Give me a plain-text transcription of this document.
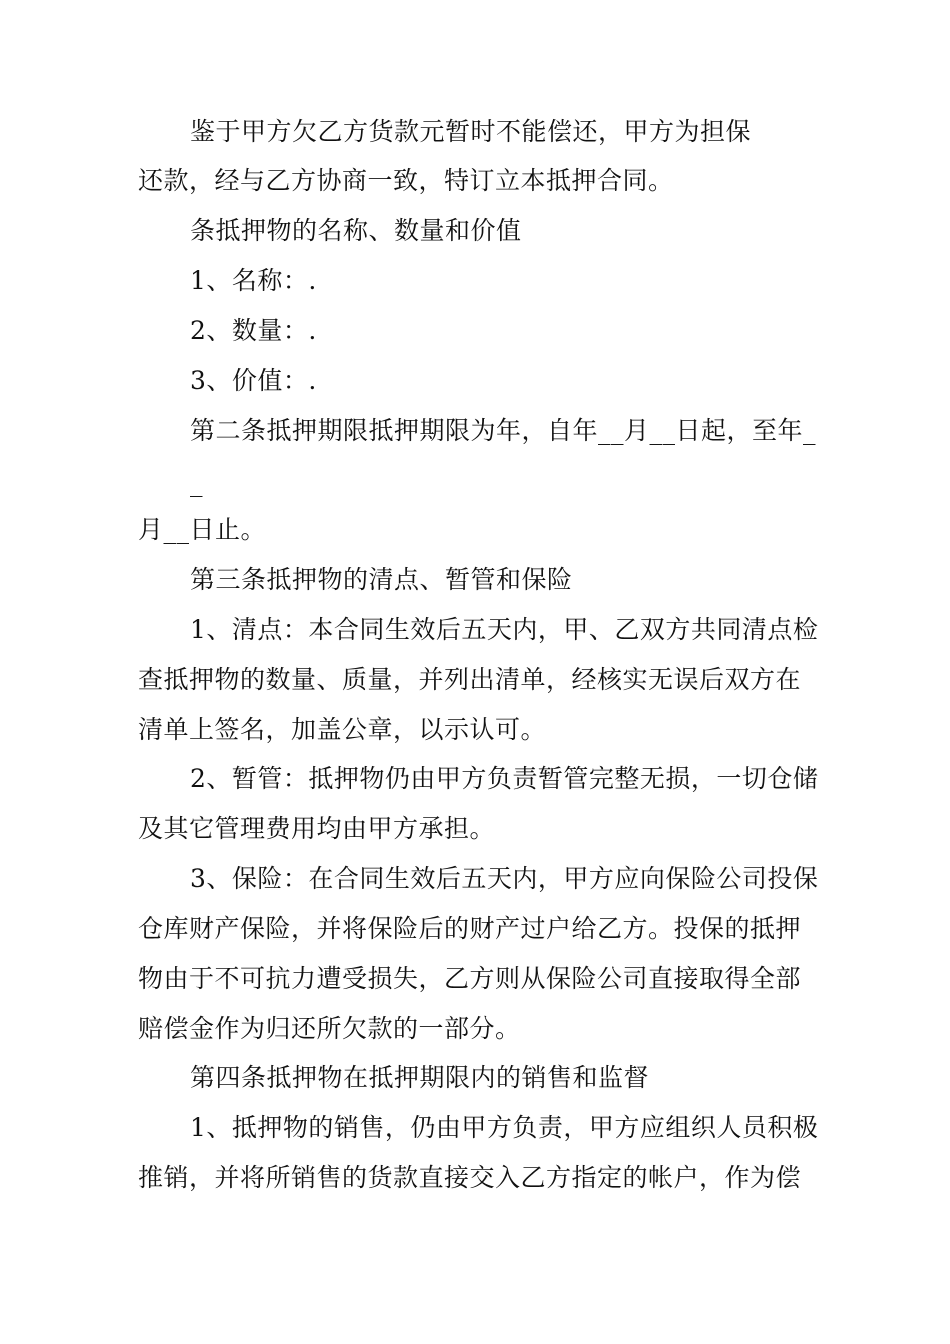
鉴于甲方欠乙方货款元暂时不能偿还，甲方为担保
还款，经与乙方协商一致，特订立本抵押合同。
条抵押物的名称、数量和价值
1、名称：.
2、数量：.
3、价值：.
第二条抵押期限抵押期限为年，自年__月__日起，至年_
_
月__日止。
第三条抵押物的清点、暂管和保险
1、清点：本合同生效后五天内，甲、乙双方共同清点检
查抵押物的数量、质量，并列出清单，经核实无误后双方在
清单上签名，加盖公章，以示认可。
2、暂管：抵押物仍由甲方负责暂管完整无损，一切仓储
及其它管理费用均由甲方承担。
3、保险：在合同生效后五天内，甲方应向保险公司投保
仓库财产保险，并将保险后的财产过户给乙方。投保的抵押
物由于不可抗力遭受损失，乙方则从保险公司直接取得全部
赔偿金作为归还所欠款的一部分。
第四条抵押物在抵押期限内的销售和监督
1、抵押物的销售，仍由甲方负责，甲方应组织人员积极
推销，并将所销售的货款直接交入乙方指定的帐户，作为偿
